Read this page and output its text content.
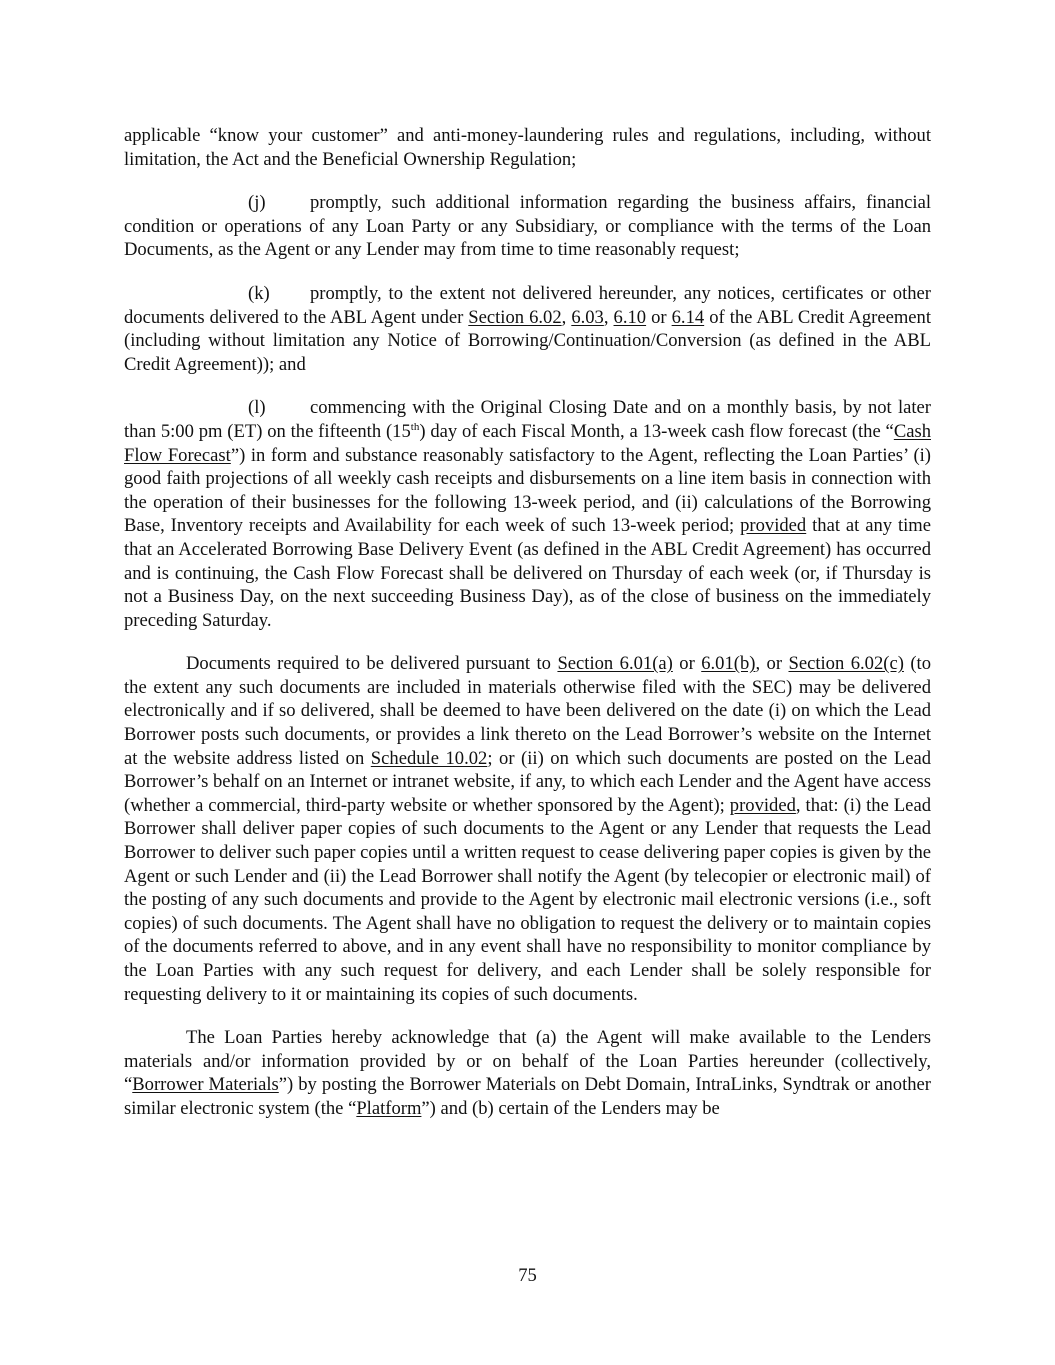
applicable “know your customer” and anti-money-laundering rules and regulations, including, without limitation, the Act and the Beneficial Ownership Regulation;

(j) promptly, such additional information regarding the business affairs, financial condition or operations of any Loan Party or any Subsidiary, or compliance with the terms of the Loan Documents, as the Agent or any Lender may from time to time reasonably request;

(k) promptly, to the extent not delivered hereunder, any notices, certificates or other documents delivered to the ABL Agent under Section 6.02, 6.03, 6.10 or 6.14 of the ABL Credit Agreement (including without limitation any Notice of Borrowing/Continuation/Conversion (as defined in the ABL Credit Agreement)); and

(l) commencing with the Original Closing Date and on a monthly basis, by not later than 5:00 pm (ET) on the fifteenth (15th) day of each Fiscal Month, a 13-week cash flow forecast (the “Cash Flow Forecast”) in form and substance reasonably satisfactory to the Agent, reflecting the Loan Parties’ (i) good faith projections of all weekly cash receipts and disbursements on a line item basis in connection with the operation of their businesses for the following 13-week period, and (ii) calculations of the Borrowing Base, Inventory receipts and Availability for each week of such 13-week period; provided that at any time that an Accelerated Borrowing Base Delivery Event (as defined in the ABL Credit Agreement) has occurred and is continuing, the Cash Flow Forecast shall be delivered on Thursday of each week (or, if Thursday is not a Business Day, on the next succeeding Business Day), as of the close of business on the immediately preceding Saturday.

Documents required to be delivered pursuant to Section 6.01(a) or 6.01(b), or Section 6.02(c) (to the extent any such documents are included in materials otherwise filed with the SEC) may be delivered electronically and if so delivered, shall be deemed to have been delivered on the date (i) on which the Lead Borrower posts such documents, or provides a link thereto on the Lead Borrower’s website on the Internet at the website address listed on Schedule 10.02; or (ii) on which such documents are posted on the Lead Borrower’s behalf on an Internet or intranet website, if any, to which each Lender and the Agent have access (whether a commercial, third-party website or whether sponsored by the Agent); provided, that: (i) the Lead Borrower shall deliver paper copies of such documents to the Agent or any Lender that requests the Lead Borrower to deliver such paper copies until a written request to cease delivering paper copies is given by the Agent or such Lender and (ii) the Lead Borrower shall notify the Agent (by telecopier or electronic mail) of the posting of any such documents and provide to the Agent by electronic mail electronic versions (i.e., soft copies) of such documents. The Agent shall have no obligation to request the delivery or to maintain copies of the documents referred to above, and in any event shall have no responsibility to monitor compliance by the Loan Parties with any such request for delivery, and each Lender shall be solely responsible for requesting delivery to it or maintaining its copies of such documents.

The Loan Parties hereby acknowledge that (a) the Agent will make available to the Lenders materials and/or information provided by or on behalf of the Loan Parties hereunder (collectively, “Borrower Materials”) by posting the Borrower Materials on Debt Domain, IntraLinks, Syndtrak or another similar electronic system (the “Platform”) and (b) certain of the Lenders may be

75
